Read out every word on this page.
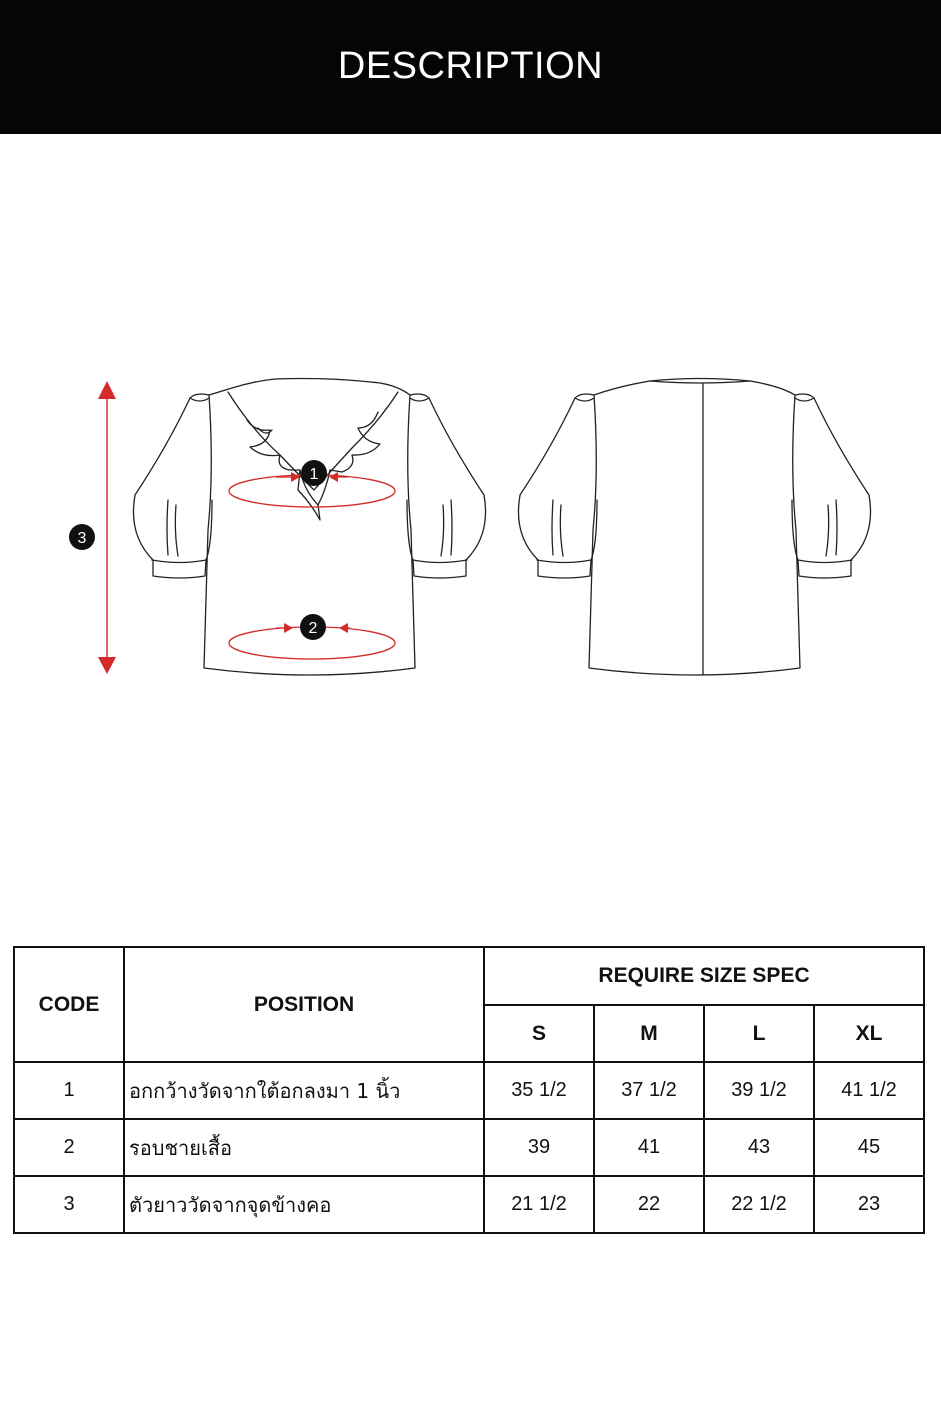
DESCRIPTION
1
2
3
CODE	POSITION	REQUIRE SIZE SPEC			
		S	M	L	XL
1	อกกว้างวัดจากใต้อกลงมา 1 นิ้ว	35 1/2	37 1/2	39 1/2	41 1/2
2	รอบชายเสื้อ	39	41	43	45
3	ตัวยาววัดจากจุดข้างคอ	21 1/2	22	22 1/2	23
